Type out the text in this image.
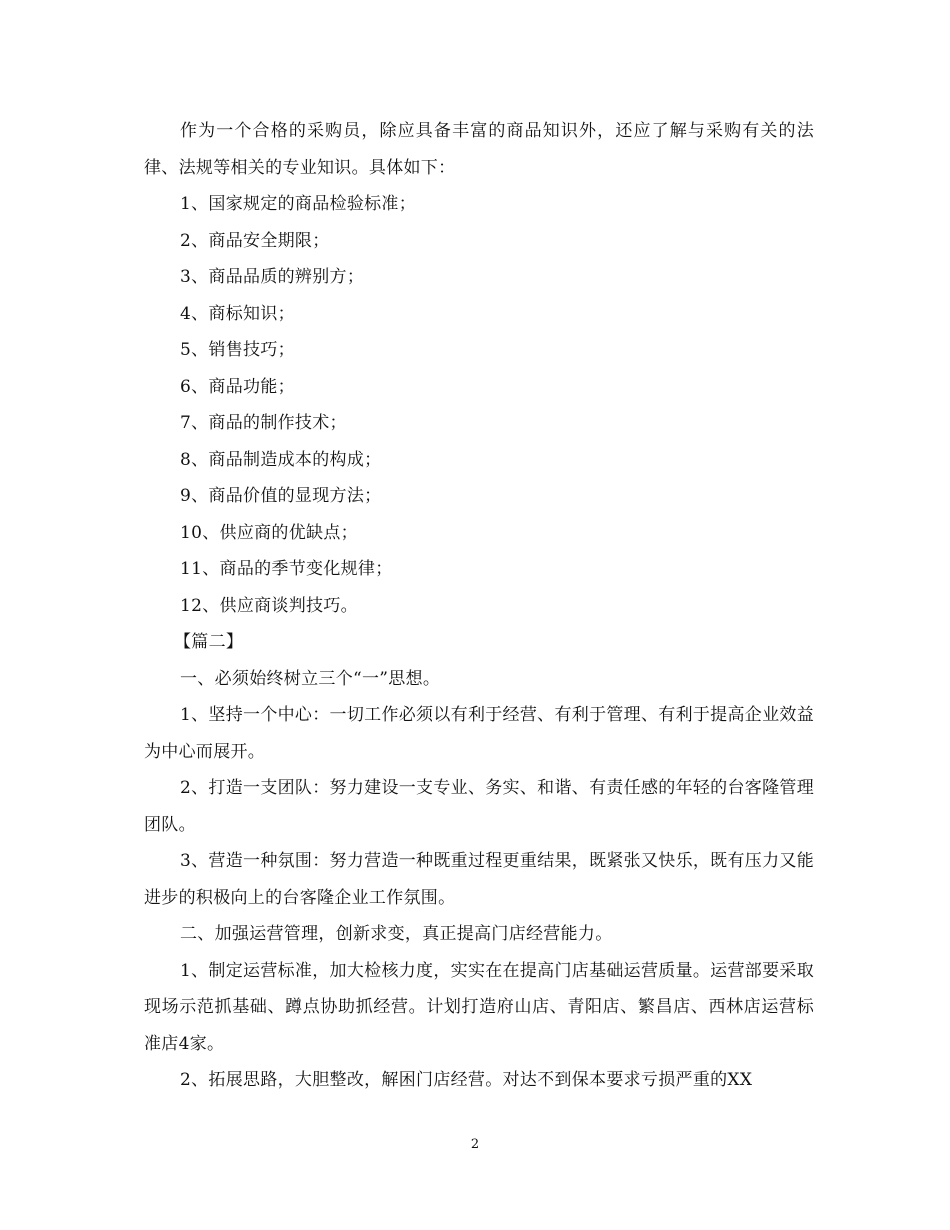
作为一个合格的采购员，除应具备丰富的商品知识外，还应了解与采购有关的法律、法规等相关的专业知识。具体如下：

1、国家规定的商品检验标准；

2、商品安全期限；

3、商品品质的辨别方；

4、商标知识；

5、销售技巧；

6、商品功能；

7、商品的制作技术；

8、商品制造成本的构成；

9、商品价值的显现方法；

10、供应商的优缺点；

11、商品的季节变化规律；

12、供应商谈判技巧。

【篇二】

一、必须始终树立三个“一”思想。

1、坚持一个中心：一切工作必须以有利于经营、有利于管理、有利于提高企业效益为中心而展开。

2、打造一支团队：努力建设一支专业、务实、和谐、有责任感的年轻的台客隆管理团队。

3、营造一种氛围：努力营造一种既重过程更重结果，既紧张又快乐，既有压力又能进步的积极向上的台客隆企业工作氛围。

二、加强运营管理，创新求变，真正提高门店经营能力。

1、制定运营标准，加大检核力度，实实在在提高门店基础运营质量。运营部要采取现场示范抓基础、蹲点协助抓经营。计划打造府山店、青阳店、繁昌店、西林店运营标准店4家。

2、拓展思路，大胆整改，解困门店经营。对达不到保本要求亏损严重的XX

2
